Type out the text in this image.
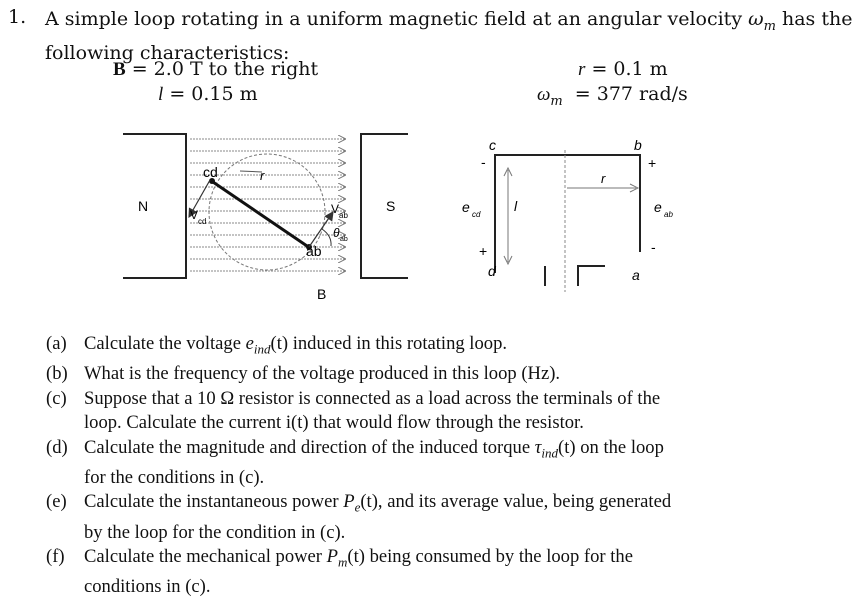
1. A simple loop rotating in a uniform magnetic field at an angular velocity $\omega_m$ has the
following characteristics:
B = 2.0 T to the right
l = 0.15 m
r = 0.1 m
$\omega_m = 377$ rad/s
N	S
cd	r
V cd
V ab
θ ab
ab
B
c	b
r
l
a
d
e cd	e ab
-
+
+
-
(a) Calculate the voltage $e_{ind}(t)$ induced in this rotating loop.
(b) What is the frequency of the voltage produced in this loop (Hz).
(c) Suppose that a 10 Ω resistor is connected as a load across the terminals of the
loop. Calculate the current i(t) that would flow through the resistor.
(d) Calculate the magnitude and direction of the induced torque $\tau_{ind}(t)$ on the loop
for the conditions in (c).
(e) Calculate the instantaneous power $P_e(t)$, and its average value, being generated
by the loop for the condition in (c).
(f) Calculate the mechanical power $P_m(t)$ being consumed by the loop for the
conditions in (c).
